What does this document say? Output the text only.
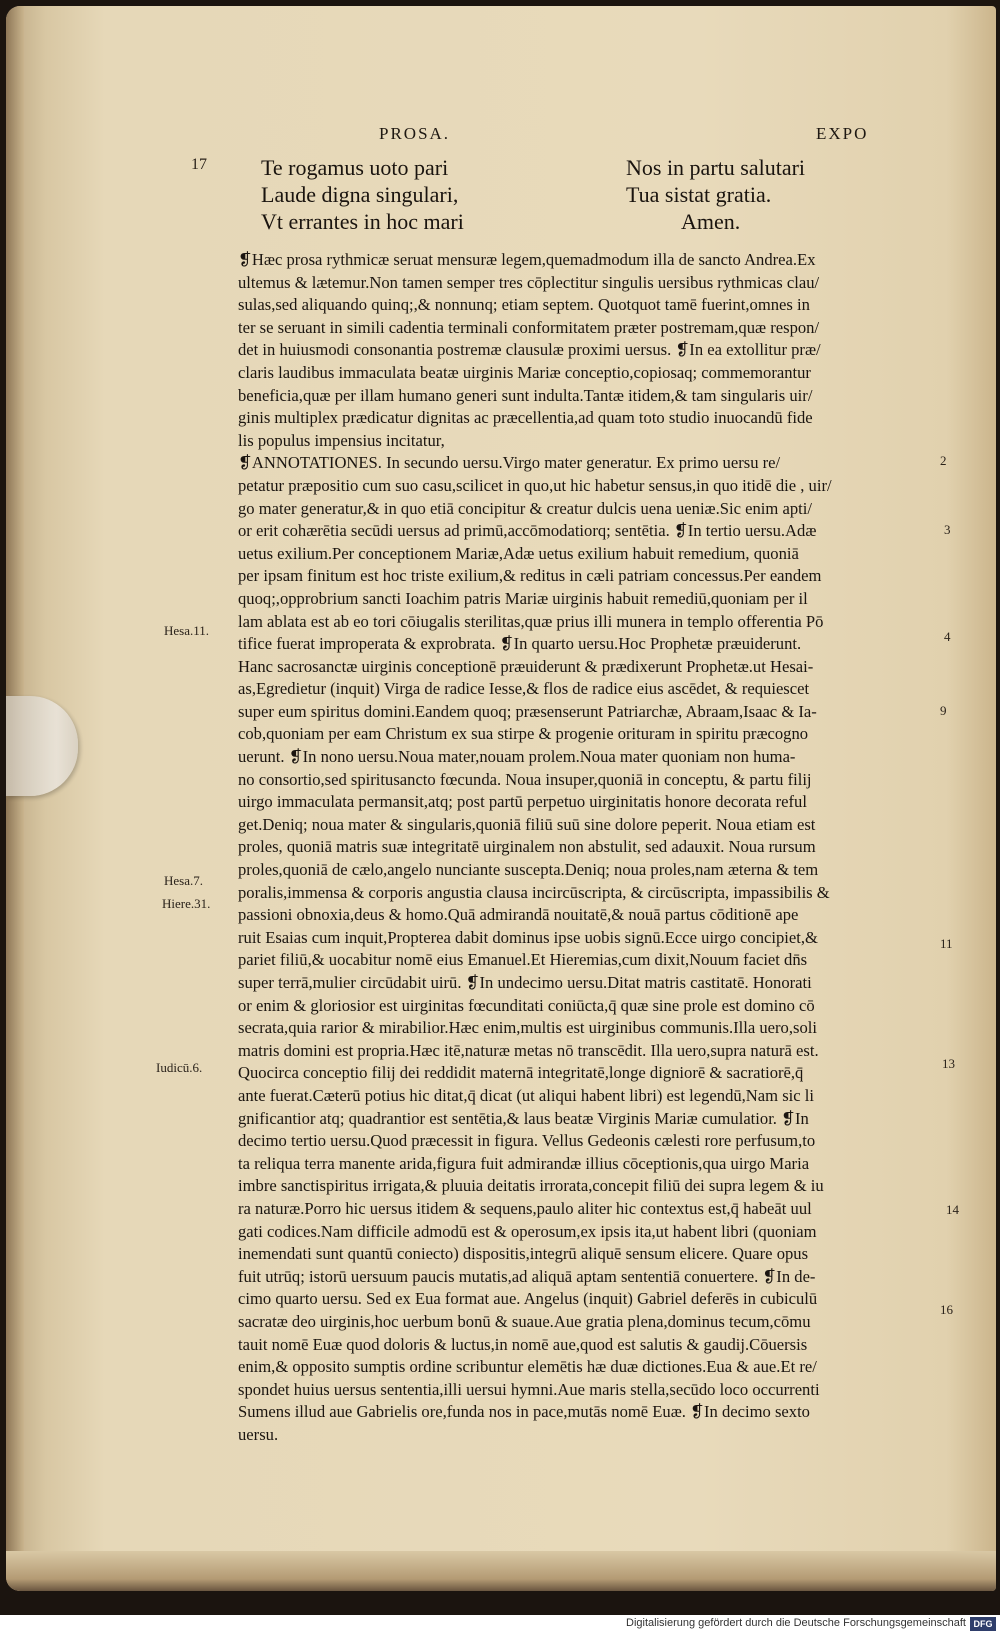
PROSA.	EXPO
17 Te rogamus uoto pari
Laude digna singulari,
Vt errantes in hoc mari
Nos in partu salutari
Tua sistat gratia.
Amen.
❡Hæc prosa rythmicæ seruat mensuræ legem,quemadmodum illa de sancto Andrea.Ex
ultemus & lætemur.Non tamen semper tres cōplectitur singulis uersibus rythmicas clau/
sulas,sed aliquando quinq;,& nonnunq; etiam septem. Quotquot tamē fuerint,omnes in
ter se seruant in simili cadentia terminali conformitatem præter postremam,quæ respon/
det in huiusmodi consonantia postremæ clausulæ proximi uersus. ❡In ea extollitur præ/
claris laudibus immaculata beatæ uirginis Mariæ conceptio,copiosaq; commemorantur
beneficia,quæ per illam humano generi sunt indulta.Tantæ itidem,& tam singularis uir/
ginis multiplex prædicatur dignitas ac præcellentia,ad quam toto studio inuocandū fide
lis populus impensius incitatur,
❡ANNOTATIONES. In secundo uersu.Virgo mater generatur. Ex primo uersu re/
petatur præpositio cum suo casu,scilicet in quo,ut hic habetur sensus,in quo itidē die , uir/
go mater generatur,& in quo etiā concipitur & creatur dulcis uena ueniæ.Sic enim apti/
or erit cohærētia secūdi uersus ad primū,accōmodatiorq; sentētia. ❡In tertio uersu.Adæ
uetus exilium.Per conceptionem Mariæ,Adæ uetus exilium habuit remedium, quoniā
per ipsam finitum est hoc triste exilium,& reditus in cæli patriam concessus.Per eandem
quoq;,opprobrium sancti Ioachim patris Mariæ uirginis habuit remediū,quoniam per il
lam ablata est ab eo tori cōiugalis sterilitas,quæ prius illi munera in templo offerentia Pō
tifice fuerat improperata & exprobrata. ❡In quarto uersu.Hoc Prophetæ præuiderunt.
Hanc sacrosanctæ uirginis conceptionē præuiderunt & prædixerunt Prophetæ.ut Hesai-
as,Egredietur (inquit) Virga de radice Iesse,& flos de radice eius ascēdet, & requiescet
super eum spiritus domini.Eandem quoq; præsenserunt Patriarchæ, Abraam,Isaac & Ia-
cob,quoniam per eam Christum ex sua stirpe & progenie orituram in spiritu præcogno
uerunt. ❡In nono uersu.Noua mater,nouam prolem.Noua mater quoniam non huma-
no consortio,sed spiritusancto fœcunda. Noua insuper,quoniā in conceptu, & partu filij
uirgo immaculata permansit,atq; post partū perpetuo uirginitatis honore decorata reful
get.Deniq; noua mater & singularis,quoniā filiū suū sine dolore peperit. Noua etiam est
proles, quoniā matris suæ integritatē uirginalem non abstulit, sed adauxit. Noua rursum
proles,quoniā de cælo,angelo nunciante suscepta.Deniq; noua proles,nam æterna & tem
poralis,immensa & corporis angustia clausa incircūscripta, & circūscripta, impassibilis &
passioni obnoxia,deus & homo.Quā admirandā nouitatē,& nouā partus cōditionē ape
ruit Esaias cum inquit,Propterea dabit dominus ipse uobis signū.Ecce uirgo concipiet,&
pariet filiū,& uocabitur nomē eius Emanuel.Et Hieremias,cum dixit,Nouum faciet dn̄s
super terrā,mulier circūdabit uirū. ❡In undecimo uersu.Ditat matris castitatē. Honorati
or enim & gloriosior est uirginitas fœcunditati coniūcta,q̄ quæ sine prole est domino cō
secrata,quia rarior & mirabilior.Hæc enim,multis est uirginibus communis.Illa uero,soli
matris domini est propria.Hæc itē,naturæ metas nō transcēdit. Illa uero,supra naturā est.
Quocirca conceptio filij dei reddidit maternā integritatē,longe digniorē & sacratiorē,q̄
ante fuerat.Cæterū potius hic ditat,q̄ dicat (ut aliqui habent libri) est legendū,Nam sic li
gnificantior atq; quadrantior est sentētia,& laus beatæ Virginis Mariæ cumulatior. ❡In
decimo tertio uersu.Quod præcessit in figura. Vellus Gedeonis cælesti rore perfusum,to
ta reliqua terra manente arida,figura fuit admirandæ illius cōceptionis,qua uirgo Maria
imbre sanctispiritus irrigata,& pluuia deitatis irrorata,concepit filiū dei supra legem & iu
ra naturæ.Porro hic uersus itidem & sequens,paulo aliter hic contextus est,q̄ habeāt uul
gati codices.Nam difficile admodū est & operosum,ex ipsis ita,ut habent libri (quoniam
inemendati sunt quantū coniecto) dispositis,integrū aliquē sensum elicere. Quare opus
fuit utrūq; istorū uersuum paucis mutatis,ad aliquā aptam sententiā conuertere. ❡In de-
cimo quarto uersu. Sed ex Eua format aue. Angelus (inquit) Gabriel deferēs in cubiculū
sacratæ deo uirginis,hoc uerbum bonū & suaue.Aue gratia plena,dominus tecum,cōmu
tauit nomē Euæ quod doloris & luctus,in nomē aue,quod est salutis & gaudij.Cōuersis
enim,& opposito sumptis ordine scribuntur elemētis hæ duæ dictiones.Eua & aue.Et re/
spondet huius uersus sententia,illi uersui hymni.Aue maris stella,secūdo loco occurrenti
Sumens illud aue Gabrielis ore,funda nos in pace,mutās nomē Euæ. ❡In decimo sexto
uersu.
Hesa.11.
Hesa.7.
Hiere.31.
Iudicū.6.
2
3
4
9
11
13
14
16
Digitalisierung gefördert durch die Deutsche Forschungsgemeinschaft DFG
